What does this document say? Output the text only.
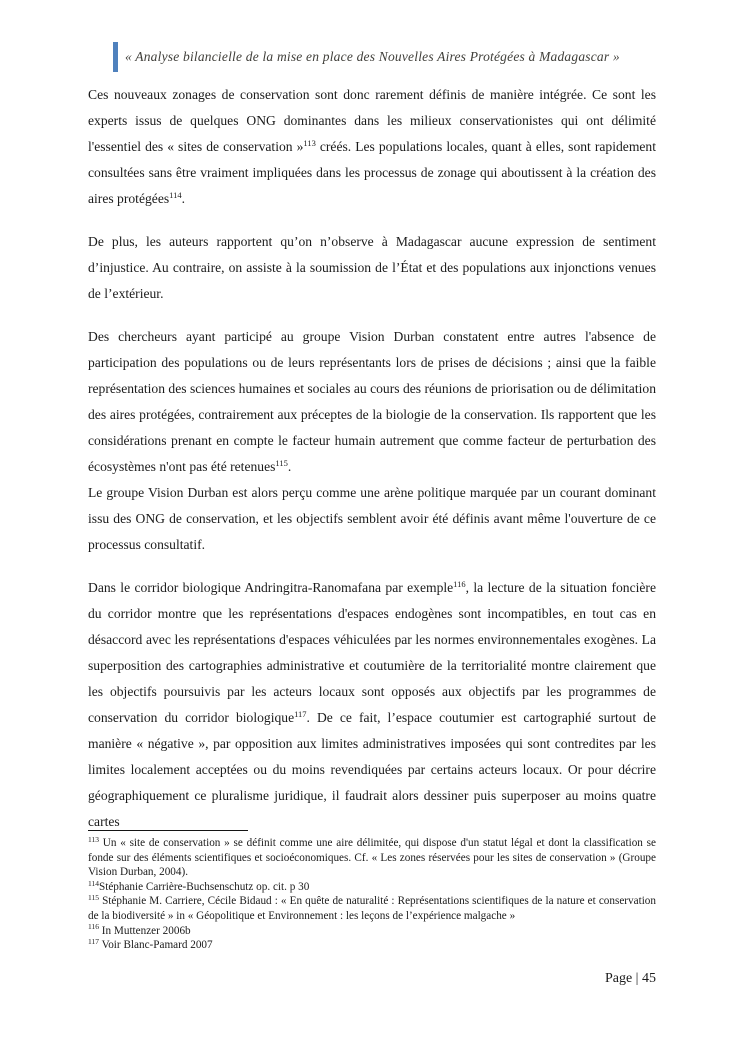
« Analyse bilancielle de la mise en place des Nouvelles Aires Protégées à Madagascar »
Ces nouveaux zonages de conservation sont donc rarement définis de manière intégrée. Ce sont les experts issus de quelques ONG dominantes dans les milieux conservationistes qui ont délimité l'essentiel des « sites de conservation »$^{113}$ créés. Les populations locales, quant à elles, sont rapidement consultées sans être vraiment impliquées dans les processus de zonage qui aboutissent à la création des aires protégées$^{114}$.
De plus, les auteurs rapportent qu’on n’observe à Madagascar aucune expression de sentiment d’injustice. Au contraire, on assiste à la soumission de l’État et des populations aux injonctions venues de l’extérieur.
Des chercheurs ayant participé au groupe Vision Durban constatent entre autres l'absence de participation des populations ou de leurs représentants lors de prises de décisions ; ainsi que la faible représentation des sciences humaines et sociales au cours des réunions de priorisation ou de délimitation des aires protégées, contrairement aux préceptes de la biologie de la conservation. Ils rapportent que les considérations prenant en compte le facteur humain autrement que comme facteur de perturbation des écosystèmes n'ont pas été retenues$^{115}$.
Le groupe Vision Durban est alors perçu comme une arène politique marquée par un courant dominant issu des ONG de conservation, et les objectifs semblent avoir été définis avant même l'ouverture de ce processus consultatif.
Dans le corridor biologique Andringitra-Ranomafana par exemple$^{116}$, la lecture de la situation foncière du corridor montre que les représentations d'espaces endogènes sont incompatibles, en tout cas en désaccord avec les représentations d'espaces véhiculées par les normes environnementales exogènes. La superposition des cartographies administrative et coutumière de la territorialité montre clairement que les objectifs poursuivis par les acteurs locaux sont opposés aux objectifs par les programmes de conservation du corridor biologique$^{117}$. De ce fait, l’espace coutumier est cartographié surtout de manière « négative », par opposition aux limites administratives imposées qui sont contredites par les limites localement acceptées ou du moins revendiquées par certains acteurs locaux. Or pour décrire géographiquement ce pluralisme juridique, il faudrait alors dessiner puis superposer au moins quatre cartes
$^{113}$ Un « site de conservation » se définit comme une aire délimitée, qui dispose d'un statut légal et dont la classification se fonde sur des éléments scientifiques et socioéconomiques. Cf. « Les zones réservées pour les sites de conservation » (Groupe Vision Durban, 2004).
$^{114}$Stéphanie Carrière-Buchsenschutz op. cit. p 30
$^{115}$ Stéphanie M. Carriere, Cécile Bidaud : « En quête de naturalité : Représentations scientifiques de la nature et conservation de la biodiversité » in « Géopolitique et Environnement : les leçons de l’expérience malgache »
$^{116}$ In Muttenzer 2006b
$^{117}$ Voir Blanc-Pamard 2007
Page | 45
